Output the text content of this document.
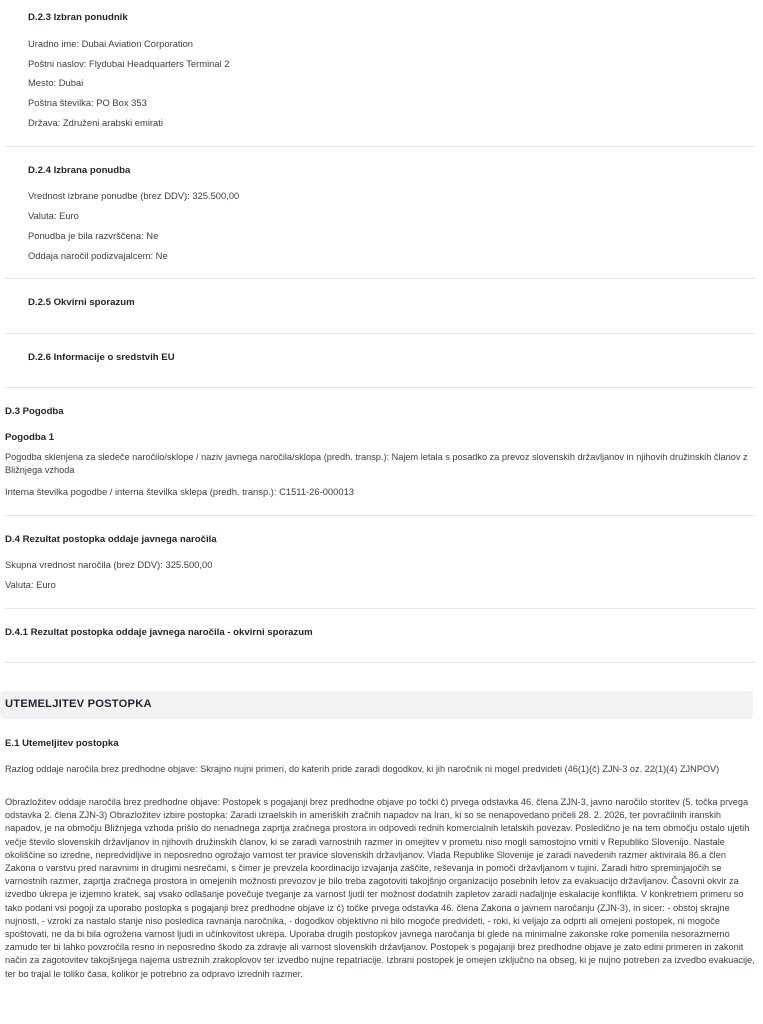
D.2.3 Izbran ponudnik
Uradno ime: Dubai Aviation Corporation
Poštni naslov: Flydubai Headquarters Terminal 2
Mesto: Dubai
Poštna številka: PO Box 353
Država: Združeni arabski emirati
D.2.4 Izbrana ponudba
Vrednost izbrane ponudbe (brez DDV): 325.500,00
Valuta: Euro
Ponudba je bila razvrščena: Ne
Oddaja naročil podizvajalcem: Ne
D.2.5 Okvirni sporazum
D.2.6 Informacije o sredstvih EU
D.3 Pogodba
Pogodba 1
Pogodba sklenjena za sledeče naročilo/sklope / naziv javnega naročila/sklopa (predh. transp.): Najem letala s posadko za prevoz slovenskih državljanov in njihovih družinskih članov z Bližnjega vzhoda
Interna številka pogodbe / interna številka sklepa (predh. transp.): C1511-26-000013
D.4 Rezultat postopka oddaje javnega naročila
Skupna vrednost naročila (brez DDV): 325.500,00
Valuta: Euro
D.4.1 Rezultat postopka oddaje javnega naročila - okvirni sporazum
UTEMELJITEV POSTOPKA
E.1 Utemeljitev postopka
Razlog oddaje naročila brez predhodne objave: Skrajno nujni primeri, do katerih pride zaradi dogodkov, ki jih naročnik ni mogel predvideti (46(1)(č) ZJN-3 oz. 22(1)(4) ZJNPOV)
Obrazložitev oddaje naročila brez predhodne objave: Postopek s pogajanji brez predhodne objave po točki č) prvega odstavka 46. člena ZJN-3, javno naročilo storitev (5. točka prvega odstavka 2. člena ZJN-3) Obrazložitev izbire postopka: Zaradi izraelskih in ameriških zračnih napadov na Iran, ki so se nenapovedano pričeli 28. 2. 2026, ter povračilnih iranskih napadov, je na območju Bližnjega vzhoda prišlo do nenadnega zaprtja zračnega prostora in odpovedi rednih komercialnih letalskih povezav. Posledično je na tem območju ostalo ujetih večje število slovenskih državljanov in njihovih družinskih članov, ki se zaradi varnostnih razmer in omejitev v prometu niso mogli samostojno vrniti v Republiko Slovenijo. Nastale okoliščine so izredne, nepredvidljive in neposredno ogrožajo varnost ter pravice slovenskih državljanov. Vlada Republike Slovenije je zaradi navedenih razmer aktivirala 86.a člen Zakona o varstvu pred naravnimi in drugimi nesrečami, s čimer je prevzela koordinacijo izvajanja zaščite, reševanja in pomoči državljanom v tujini. Zaradi hitro spreminjajočih se varnostnih razmer, zaprtja zračnega prostora in omejenih možnosti prevozov je bilo treba zagotoviti takojšnjo organizacijo posebnih letov za evakuacijo državljanov. Časovni okvir za izvedbo ukrepa je izjemno kratek, saj vsako odlašanje povečuje tveganje za varnost ljudi ter možnost dodatnih zapletov zaradi nadaljnje eskalacije konflikta. V konkretnem primeru so tako podani vsi pogoji za uporabo postopka s pogajanji brez predhodne objave iz č) točke prvega odstavka 46. člena Zakona o javnem naročanju (ZJN-3), in sicer: - obstoj skrajne nujnosti, - vzroki za nastalo stanje niso posledica ravnanja naročnika, - dogodkov objektivno ni bilo mogoče predvideti, - roki, ki veljajo za odprti ali omejeni postopek, ni mogoče spoštovati, ne da bi bila ogrožena varnost ljudi in učinkovitost ukrepa. Uporaba drugih postopkov javnega naročanja bi glede na minimalne zakonske roke pomenila nesorazmerno zamudo ter bi lahko povzročila resno in neposredno škodo za zdravje ali varnost slovenskih državljanov. Postopek s pogajanji brez predhodne objave je zato edini primeren in zakonit način za zagotovitev takojšnjega najema ustreznih zrakoplovov ter izvedbo nujne repatriacije. Izbrani postopek je omejen izključno na obseg, ki je nujno potreben za izvedbo evakuacije, ter bo trajal le toliko časa, kolikor je potrebno za odpravo izrednih razmer.
